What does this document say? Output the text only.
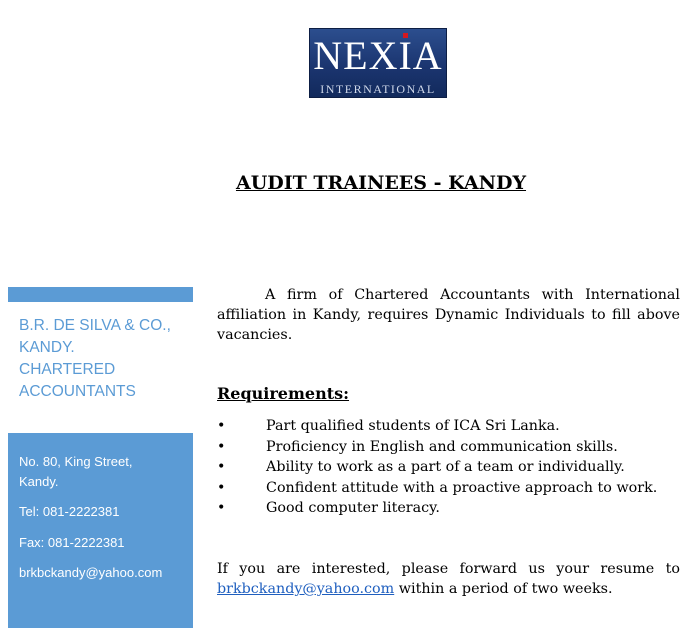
NEXIA
INTERNATIONAL
AUDIT TRAINEES - KANDY
B.R. DE SILVA & CO.,
KANDY.
CHARTERED
ACCOUNTANTS
No. 80, King Street,
Kandy.
Tel: 081-2222381
Fax: 081-2222381
brkbckandy@yahoo.com

A firm of Chartered Accountants with International affiliation in Kandy, requires Dynamic Individuals to fill above vacancies.

Requirements:
•	Part qualified students of ICA Sri Lanka.
•	Proficiency in English and communication skills.
•	Ability to work as a part of a team or individually.
•	Confident attitude with a proactive approach to work.
•	Good computer literacy.

If you are interested, please forward us your resume to brkbckandy@yahoo.com within a period of two weeks.
